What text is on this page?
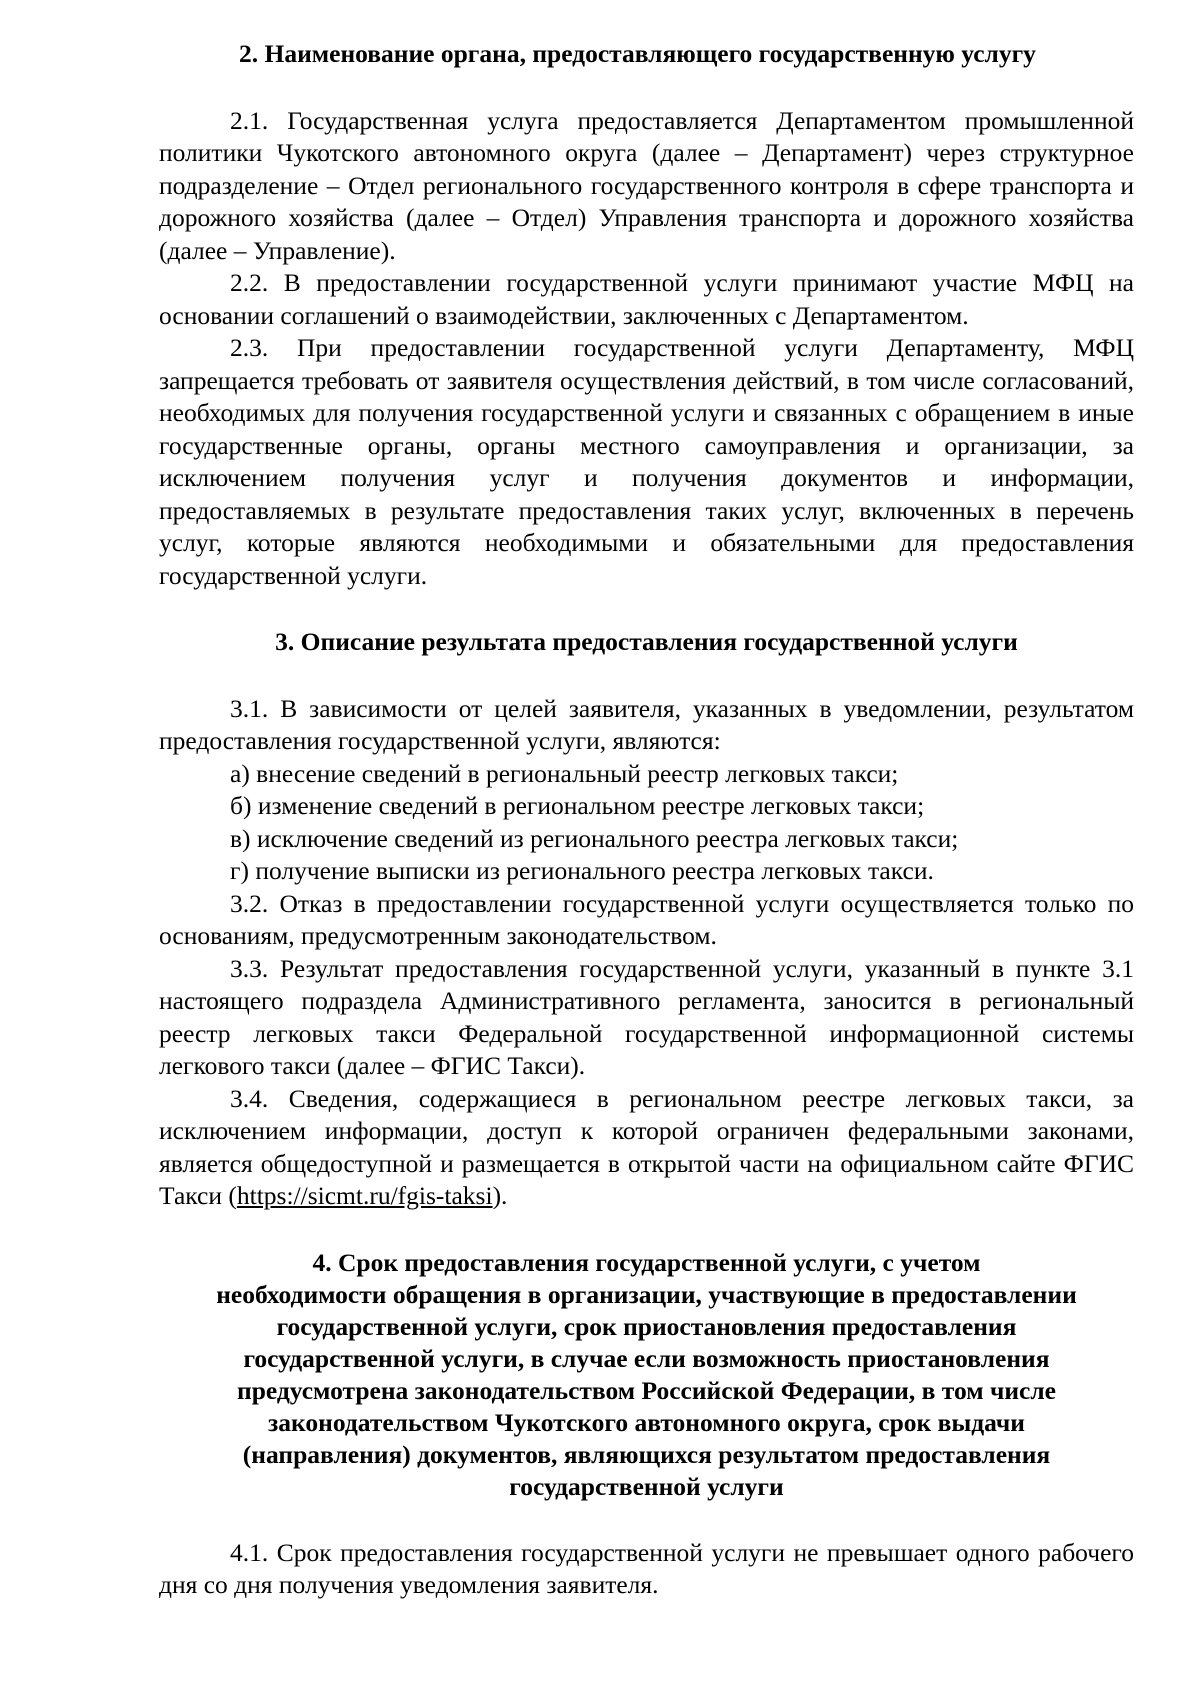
2. Наименование органа, предоставляющего государственную услугу

2.1. Государственная услуга предоставляется Департаментом промышленной политики Чукотского автономного округа (далее – Департамент) через структурное подразделение – Отдел регионального государственного контроля в сфере транспорта и дорожного хозяйства (далее – Отдел) Управления транспорта и дорожного хозяйства (далее – Управление).

2.2. В предоставлении государственной услуги принимают участие МФЦ на основании соглашений о взаимодействии, заключенных с Департаментом.

2.3. При предоставлении государственной услуги Департаменту, МФЦ запрещается требовать от заявителя осуществления действий, в том числе согласований, необходимых для получения государственной услуги и связанных с обращением в иные государственные органы, органы местного самоуправления и организации, за исключением получения услуг и получения документов и информации, предоставляемых в результате предоставления таких услуг, включенных в перечень услуг, которые являются необходимыми и обязательными для предоставления государственной услуги.

3. Описание результата предоставления государственной услуги

3.1. В зависимости от целей заявителя, указанных в уведомлении, результатом предоставления государственной услуги, являются:

а) внесение сведений в региональный реестр легковых такси;

б) изменение сведений в региональном реестре легковых такси;

в) исключение сведений из регионального реестра легковых такси;

г) получение выписки из регионального реестра легковых такси.

3.2. Отказ в предоставлении государственной услуги осуществляется только по основаниям, предусмотренным законодательством.

3.3. Результат предоставления государственной услуги, указанный в пункте 3.1 настоящего подраздела Административного регламента, заносится в региональный реестр легковых такси Федеральной государственной информационной системы легкового такси (далее – ФГИС Такси).

3.4. Сведения, содержащиеся в региональном реестре легковых такси, за исключением информации, доступ к которой ограничен федеральными законами, является общедоступной и размещается в открытой части на официальном сайте ФГИС Такси (https://sicmt.ru/fgis-taksi).

4. Срок предоставления государственной услуги, с учетом
необходимости обращения в организации, участвующие в предоставлении
государственной услуги, срок приостановления предоставления
государственной услуги, в случае если возможность приостановления
предусмотрена законодательством Российской Федерации, в том числе
законодательством Чукотского автономного округа, срок выдачи
(направления) документов, являющихся результатом предоставления
государственной услуги

4.1. Срок предоставления государственной услуги не превышает одного рабочего дня со дня получения уведомления заявителя.
